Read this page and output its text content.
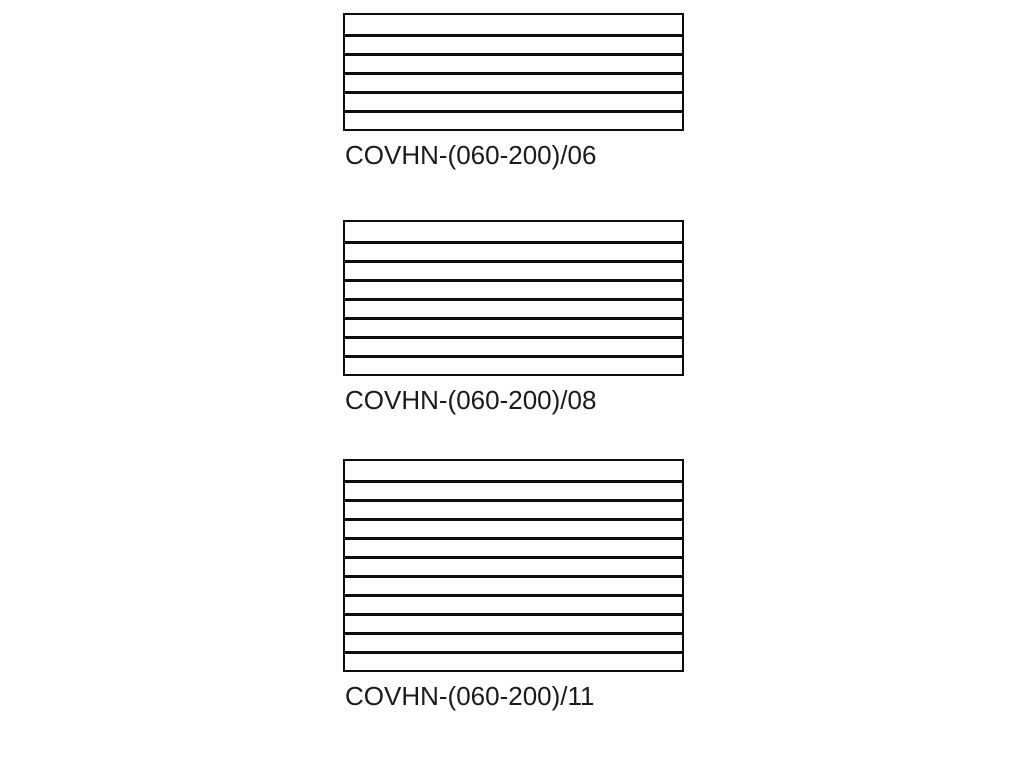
COVHN-(060-200)/06
COVHN-(060-200)/08
COVHN-(060-200)/11
